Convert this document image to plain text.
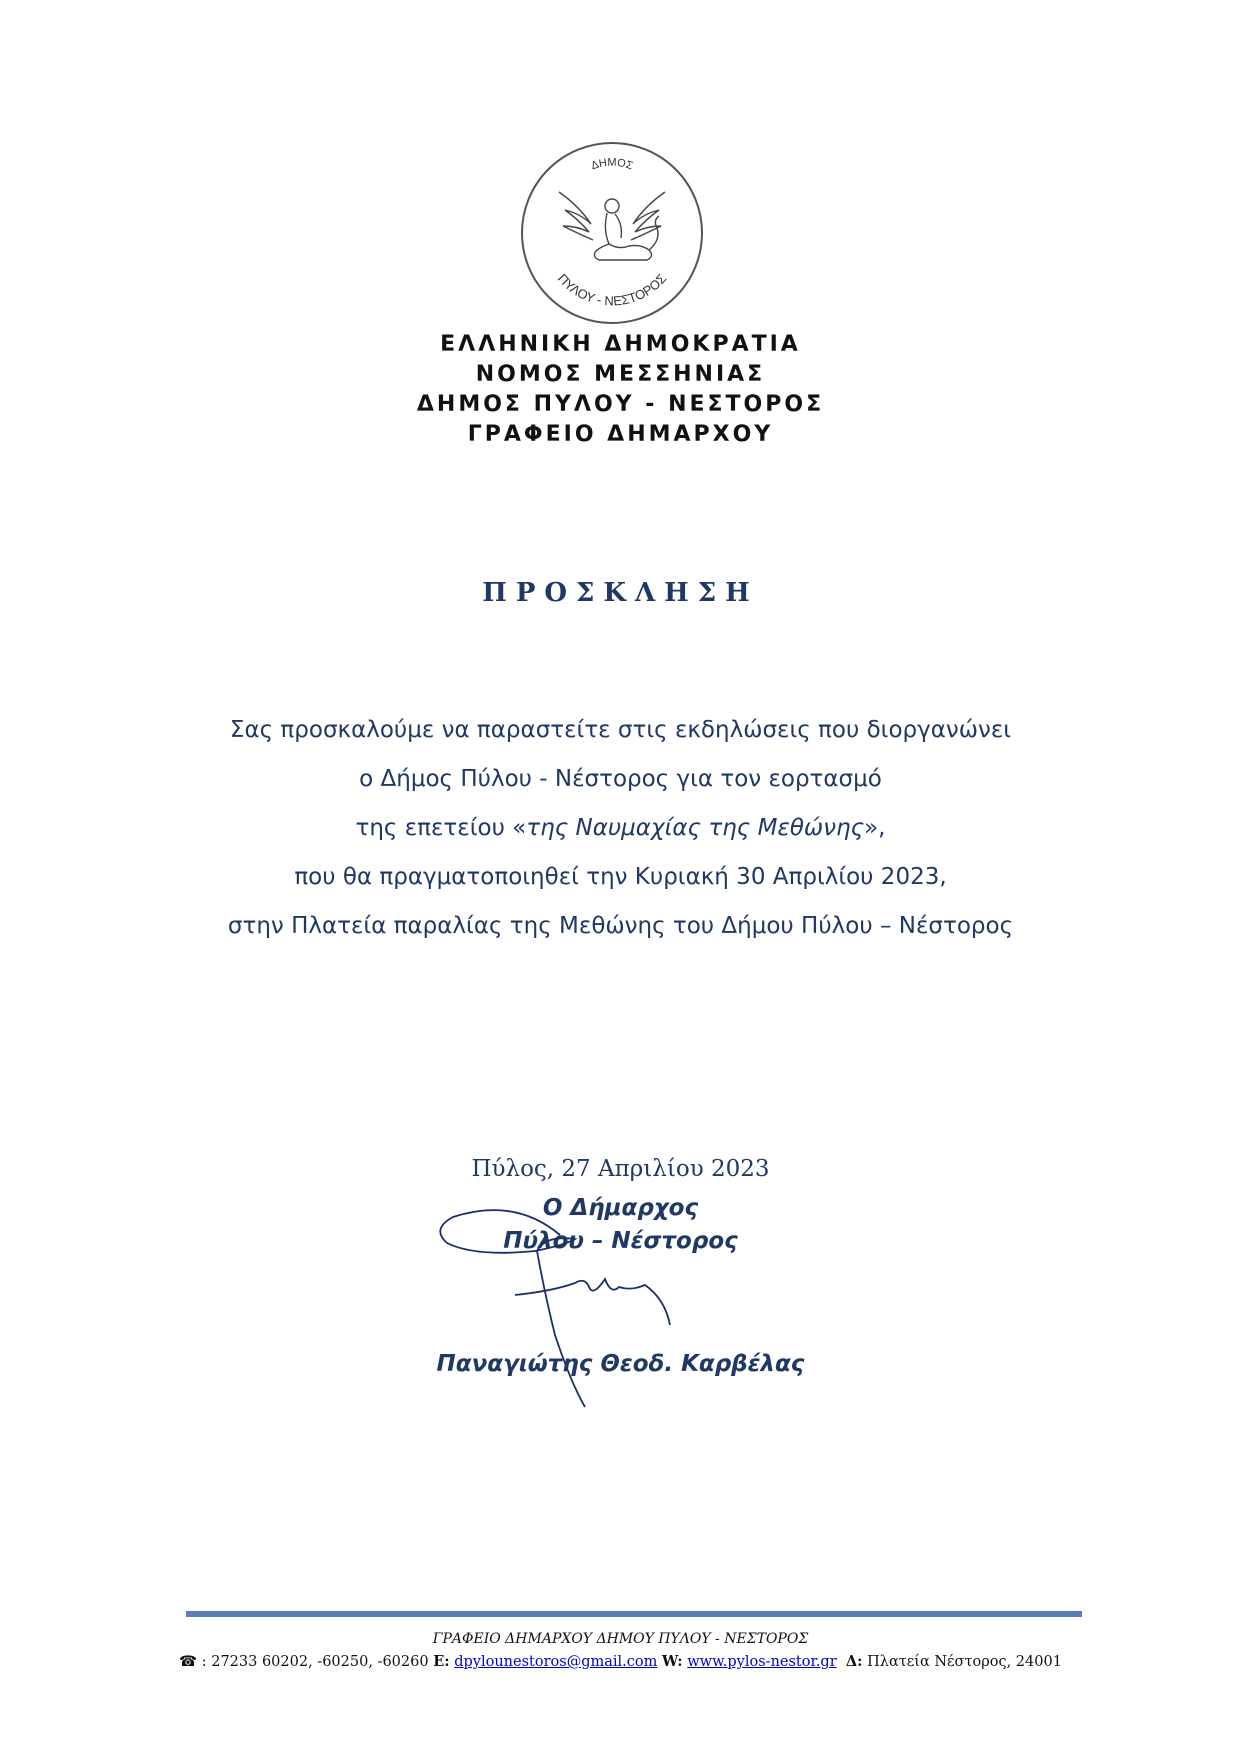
ΔΗΜΟΣ
ΠΥΛΟΥ - ΝΕΣΤΟΡΟΣ
ΕΛΛΗΝΙΚΗ ΔΗΜΟΚΡΑΤΙΑ
ΝΟΜΟΣ ΜΕΣΣΗΝΙΑΣ
ΔΗΜΟΣ ΠΥΛΟΥ - ΝΕΣΤΟΡΟΣ
ΓΡΑΦΕΙΟ ΔΗΜΑΡΧΟΥ
ΠΡΟΣΚΛΗΣΗ
Σας προσκαλούμε να παραστείτε στις εκδηλώσεις που διοργανώνει
ο Δήμος Πύλου - Νέστορος για τον εορτασμό
της επετείου «της Ναυμαχίας της Μεθώνης»,
που θα πραγματοποιηθεί την Κυριακή 30 Απριλίου 2023,
στην Πλατεία παραλίας της Μεθώνης του Δήμου Πύλου – Νέστορος
Πύλος, 27 Απριλίου 2023
Ο Δήμαρχος
Πύλου – Νέστορος
Παναγιώτης Θεοδ. Καρβέλας
ΓΡΑΦΕΙΟ ΔΗΜΑΡΧΟΥ ΔΗΜΟΥ ΠΥΛΟΥ - ΝΕΣΤΟΡΟΣ
☎ : 27233 60202, -60250, -60260 E: dpylounestoros@gmail.com W: www.pylos-nestor.gr Δ: Πλατεία Νέστορος, 24001
